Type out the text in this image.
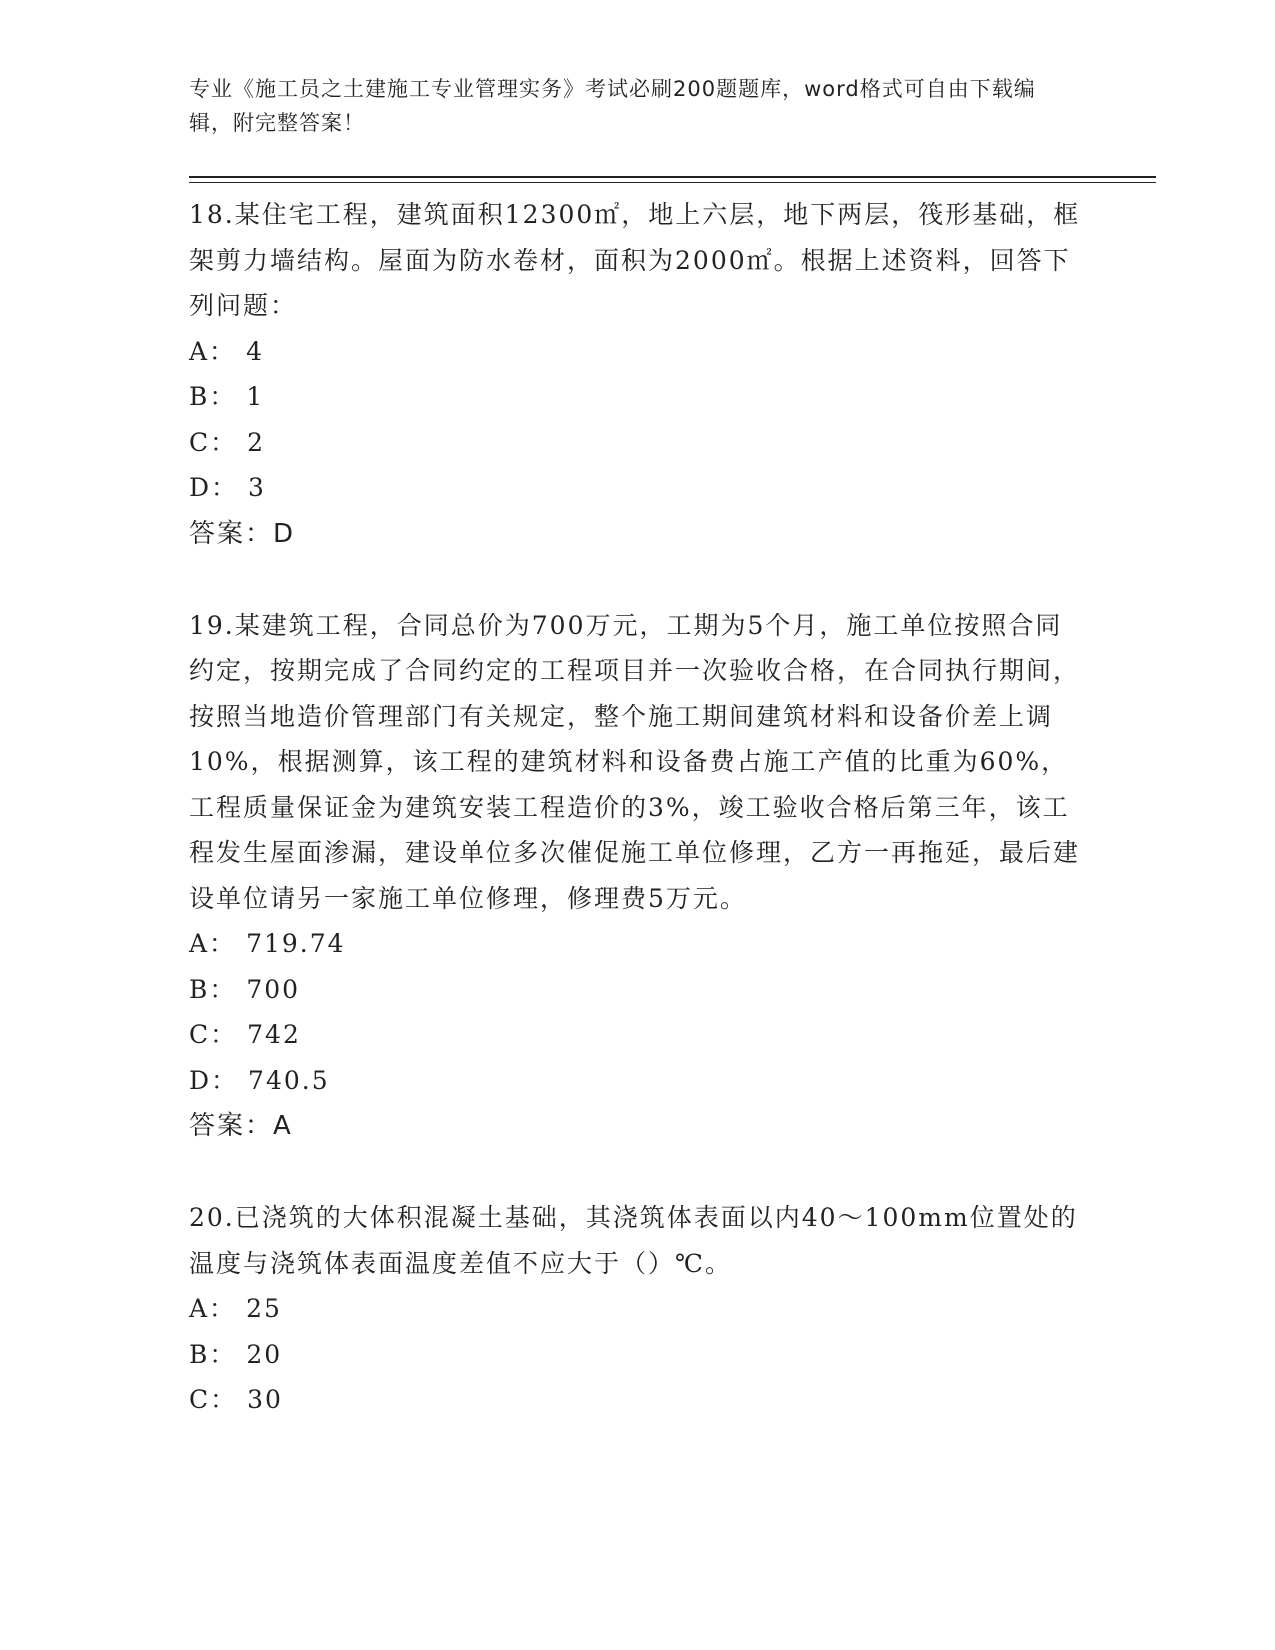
专业《施工员之土建施工专业管理实务》考试必刷200题题库，word格式可自由下载编辑，附完整答案！

18.某住宅工程，建筑面积12300㎡，地上六层，地下两层，筏形基础，框架剪力墙结构。屋面为防水卷材，面积为2000㎡。根据上述资料，回答下列问题：

A： 4

B： 1

C： 2

D： 3

答案：D

19.某建筑工程，合同总价为700万元，工期为5个月，施工单位按照合同约定，按期完成了合同约定的工程项目并一次验收合格，在合同执行期间，按照当地造价管理部门有关规定，整个施工期间建筑材料和设备价差上调10%，根据测算，该工程的建筑材料和设备费占施工产值的比重为60%，工程质量保证金为建筑安装工程造价的3%，竣工验收合格后第三年，该工程发生屋面渗漏，建设单位多次催促施工单位修理，乙方一再拖延，最后建设单位请另一家施工单位修理，修理费5万元。

A： 719.74

B： 700

C： 742

D： 740.5

答案：A

20.已浇筑的大体积混凝土基础，其浇筑体表面以内40～100mm位置处的温度与浇筑体表面温度差值不应大于（）℃。

A： 25

B： 20

C： 30
